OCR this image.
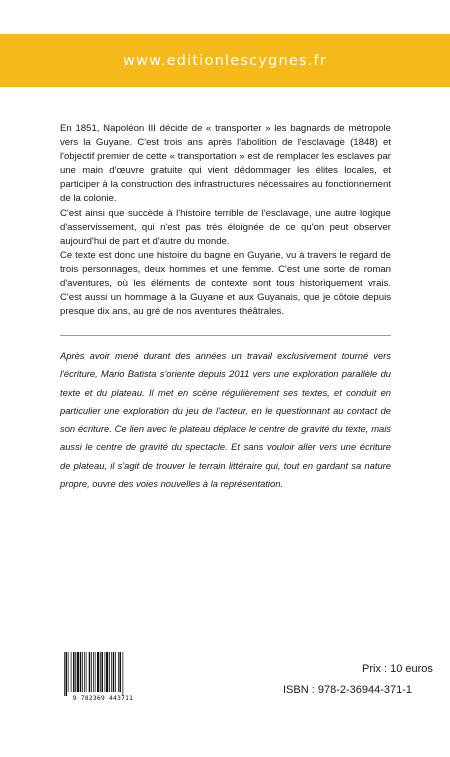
www.editionlescygnes.fr

En 1851, Napoléon III décide de « transporter » les bagnards de métropole vers la Guyane. C'est trois ans après l'abolition de l'esclavage (1848) et l'objectif premier de cette « transportation » est de remplacer les esclaves par une main d'œuvre gratuite qui vient dédommager les élites locales, et participer à la construction des infrastructures nécessaires au fonctionnement de la colonie.

C'est ainsi que succède à l'histoire terrible de l'esclavage, une autre logique d'asservissement, qui n'est pas très éloignée de ce qu'on peut observer aujourd'hui de part et d'autre du monde.

Ce texte est donc une histoire du bagne en Guyane, vu à travers le regard de trois personnages, deux hommes et une femme. C'est une sorte de roman d'aventures, où les éléments de contexte sont tous historiquement vrais. C'est aussi un hommage à la Guyane et aux Guyanais, que je côtoie depuis presque dix ans, au gré de nos aventures théâtrales.

Après avoir mené durant des années un travail exclusivement tourné vers l'écriture, Mario Batista s'oriente depuis 2011 vers une exploration parallèle du texte et du plateau. Il met en scène régulièrement ses textes, et conduit en particulier une exploration du jeu de l'acteur, en le questionnant au contact de son écriture. Ce lien avec le plateau déplace le centre de gravité du texte, mais aussi le centre de gravité du spectacle. Et sans vouloir aller vers une écriture de plateau, il s'agit de trouver le terrain littéraire qui, tout en gardant sa nature propre, ouvre des voies nouvelles à la représentation.

9 782369 443711
Prix : 10 euros
ISBN : 978-2-36944-371-1
